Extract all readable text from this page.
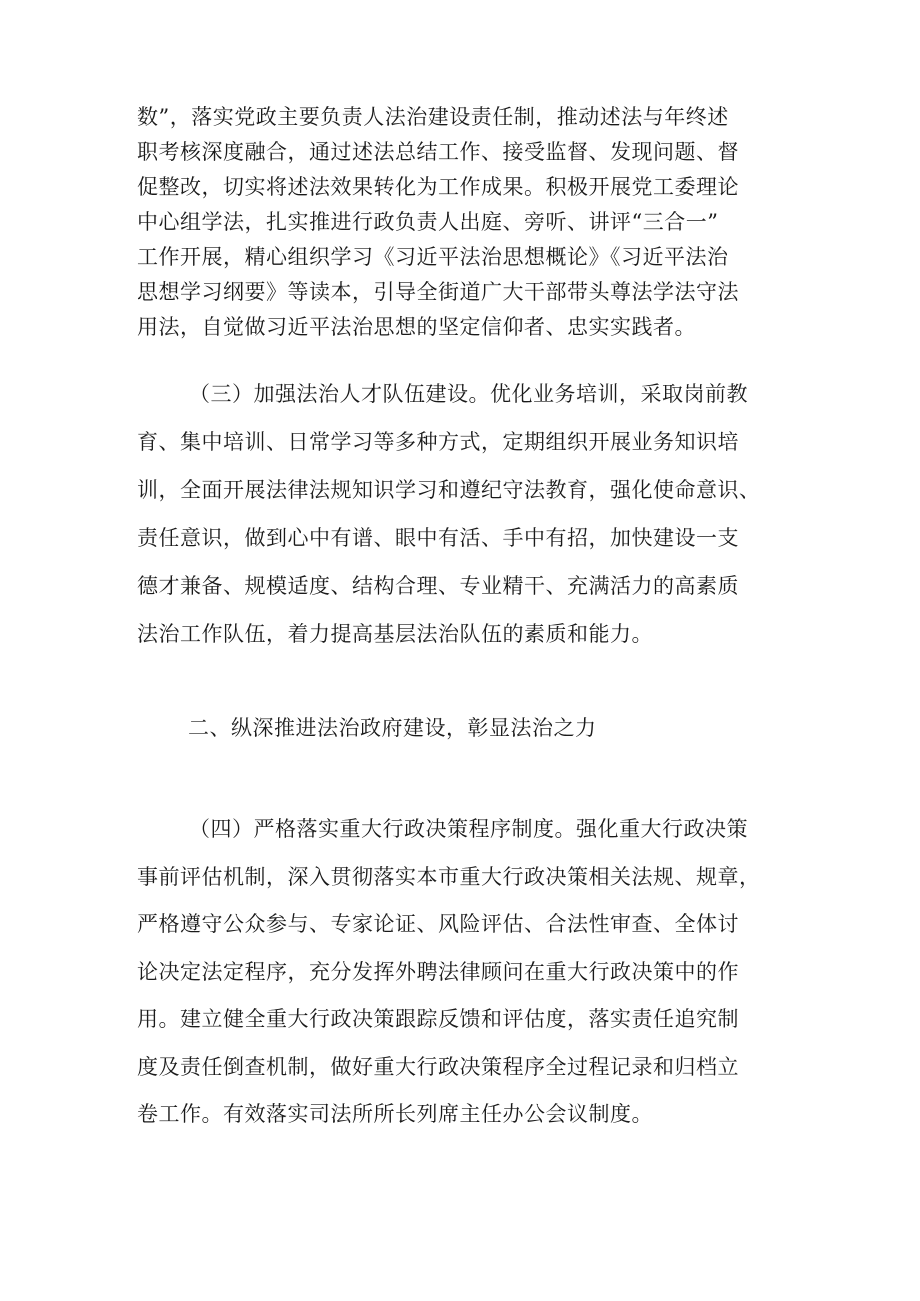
数”，落实党政主要负责人法治建设责任制，推动述法与年终述
职考核深度融合，通过述法总结工作、接受监督、发现问题、督
促整改，切实将述法效果转化为工作成果。积极开展党工委理论
中心组学法，扎实推进行政负责人出庭、旁听、讲评“三合一”
工作开展，精心组织学习《习近平法治思想概论》《习近平法治
思想学习纲要》等读本，引导全街道广大干部带头尊法学法守法
用法，自觉做习近平法治思想的坚定信仰者、忠实实践者。
（三）加强法治人才队伍建设。优化业务培训，采取岗前教
育、集中培训、日常学习等多种方式，定期组织开展业务知识培
训，全面开展法律法规知识学习和遵纪守法教育，强化使命意识、
责任意识，做到心中有谱、眼中有活、手中有招，加快建设一支
德才兼备、规模适度、结构合理、专业精干、充满活力的高素质
法治工作队伍，着力提高基层法治队伍的素质和能力。
二、纵深推进法治政府建设，彰显法治之力
（四）严格落实重大行政决策程序制度。强化重大行政决策
事前评估机制，深入贯彻落实本市重大行政决策相关法规、规章，
严格遵守公众参与、专家论证、风险评估、合法性审查、全体讨
论决定法定程序，充分发挥外聘法律顾问在重大行政决策中的作
用。建立健全重大行政决策跟踪反馈和评估度，落实责任追究制
度及责任倒查机制，做好重大行政决策程序全过程记录和归档立
卷工作。有效落实司法所所长列席主任办公会议制度。
